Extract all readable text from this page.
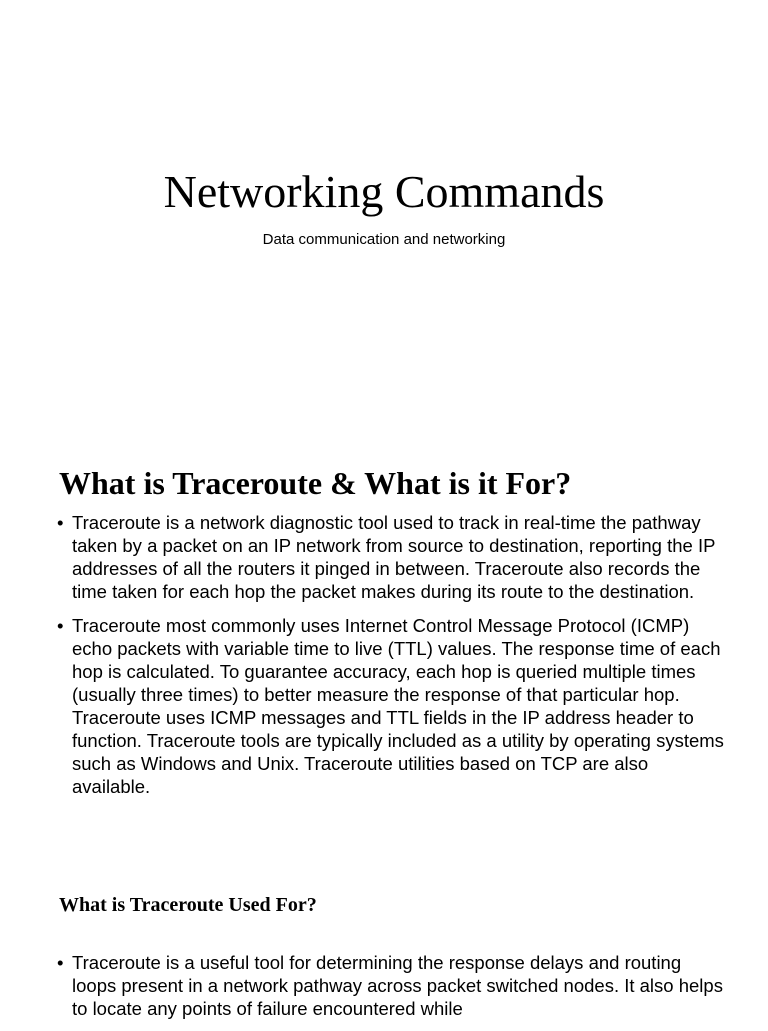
Networking Commands

Data communication and networking

What is Traceroute & What is it For?
• Traceroute is a network diagnostic tool used to track in real-time the pathway taken by a packet on an IP network from source to destination, reporting the IP addresses of all the routers it pinged in between. Traceroute also records the time taken for each hop the packet makes during its route to the destination.
• Traceroute most commonly uses Internet Control Message Protocol (ICMP) echo packets with variable time to live (TTL) values. The response time of each hop is calculated. To guarantee accuracy, each hop is queried multiple times (usually three times) to better measure the response of that particular hop. Traceroute uses ICMP messages and TTL fields in the IP address header to function. Traceroute tools are typically included as a utility by operating systems such as Windows and Unix. Traceroute utilities based on TCP are also available.
What is Traceroute Used For?
• Traceroute is a useful tool for determining the response delays and routing loops present in a network pathway across packet switched nodes. It also helps to locate any points of failure encountered while
